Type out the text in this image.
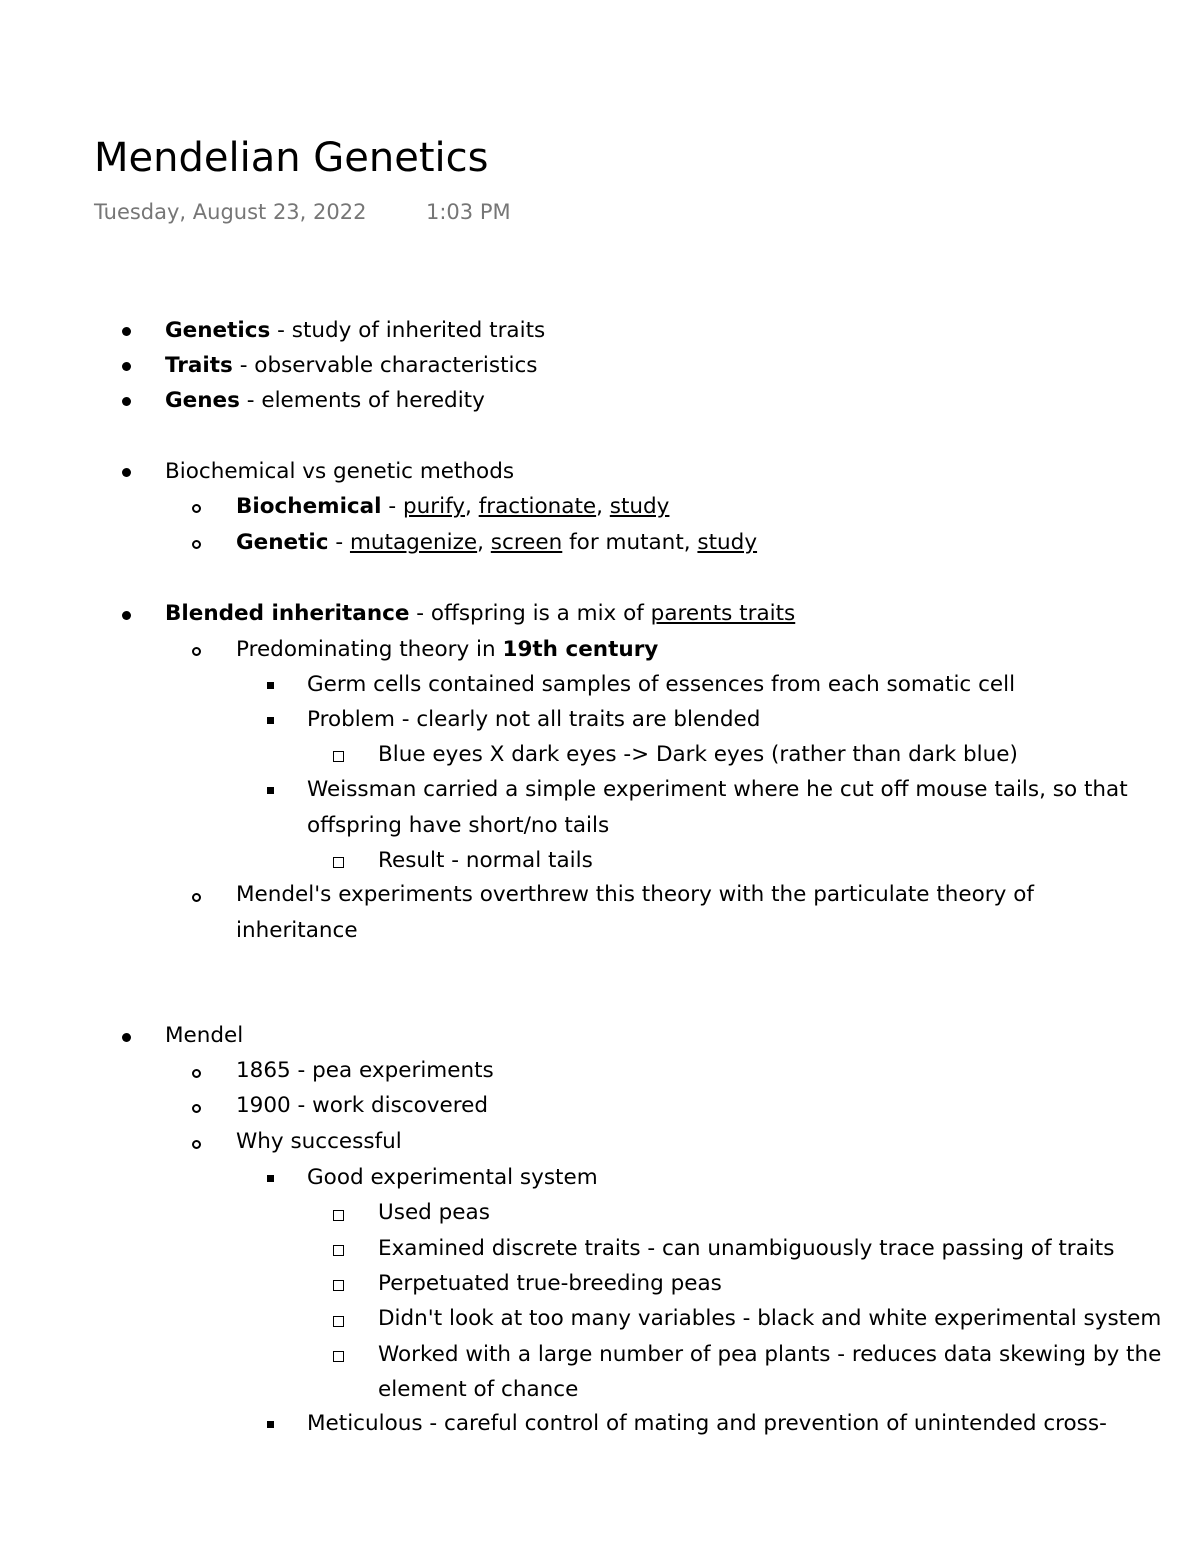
Mendelian Genetics
Tuesday, August 23, 2022	1:03 PM
Genetics - study of inherited traits
Traits - observable characteristics
Genes - elements of heredity
Biochemical vs genetic methods
Biochemical - purify, fractionate, study
Genetic - mutagenize, screen for mutant, study
Blended inheritance - offspring is a mix of parents traits
Predominating theory in 19th century
Germ cells contained samples of essences from each somatic cell
Problem - clearly not all traits are blended
Blue eyes X dark eyes -> Dark eyes (rather than dark blue)
Weissman carried a simple experiment where he cut off mouse tails, so that
offspring have short/no tails
Result - normal tails
Mendel's experiments overthrew this theory with the particulate theory of
inheritance
Mendel
1865 - pea experiments
1900 - work discovered
Why successful
Good experimental system
Used peas
Examined discrete traits - can unambiguously trace passing of traits
Perpetuated true-breeding peas
Didn't look at too many variables - black and white experimental system
Worked with a large number of pea plants - reduces data skewing by the
element of chance
Meticulous - careful control of mating and prevention of unintended cross-
